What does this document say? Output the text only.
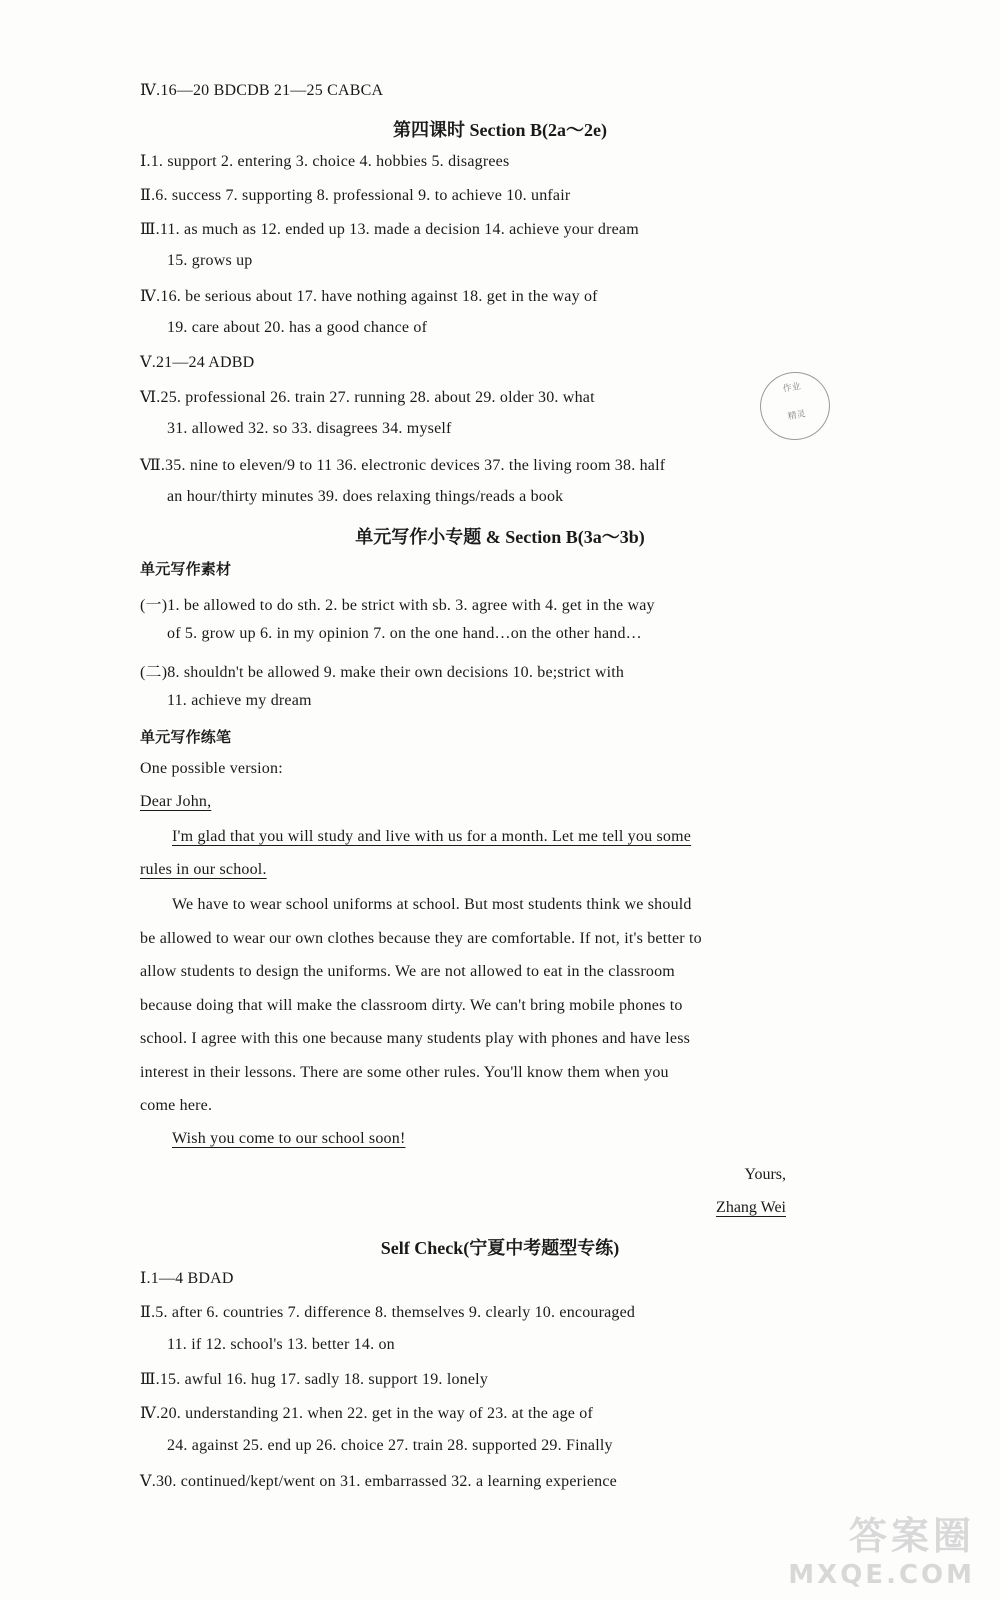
Ⅳ.16—20 BDCDB 21—25 CABCA
第四课时 Section B(2a～2e)
Ⅰ.1. support 2. entering 3. choice 4. hobbies 5. disagrees
Ⅱ.6. success 7. supporting 8. professional 9. to achieve 10. unfair
Ⅲ.11. as much as 12. ended up 13. made a decision 14. achieve your dream
15. grows up
Ⅳ.16. be serious about 17. have nothing against 18. get in the way of
19. care about 20. has a good chance of
Ⅴ.21—24 ADBD
Ⅵ.25. professional 26. train 27. running 28. about 29. older 30. what
31. allowed 32. so 33. disagrees 34. myself
Ⅶ.35. nine to eleven/9 to 11 36. electronic devices 37. the living room 38. half
an hour/thirty minutes 39. does relaxing things/reads a book
作业
精灵
单元写作小专题 & Section B(3a～3b)
单元写作素材
(一)1. be allowed to do sth. 2. be strict with sb. 3. agree with 4. get in the way
of 5. grow up 6. in my opinion 7. on the one hand…on the other hand…
(二)8. shouldn't be allowed 9. make their own decisions 10. be;strict with
11. achieve my dream
单元写作练笔
One possible version:
Dear John,
I'm glad that you will study and live with us for a month. Let me tell you some
rules in our school.
We have to wear school uniforms at school. But most students think we should
be allowed to wear our own clothes because they are comfortable. If not, it's better to
allow students to design the uniforms. We are not allowed to eat in the classroom
because doing that will make the classroom dirty. We can't bring mobile phones to
school. I agree with this one because many students play with phones and have less
interest in their lessons. There are some other rules. You'll know them when you
come here.
Wish you come to our school soon!
Yours,
Zhang Wei
Self Check(宁夏中考题型专练)
Ⅰ.1—4 BDAD
Ⅱ.5. after 6. countries 7. difference 8. themselves 9. clearly 10. encouraged
11. if 12. school's 13. better 14. on
Ⅲ.15. awful 16. hug 17. sadly 18. support 19. lonely
Ⅳ.20. understanding 21. when 22. get in the way of 23. at the age of
24. against 25. end up 26. choice 27. train 28. supported 29. Finally
Ⅴ.30. continued/kept/went on 31. embarrassed 32. a learning experience
答案圈
MXQE.COM
